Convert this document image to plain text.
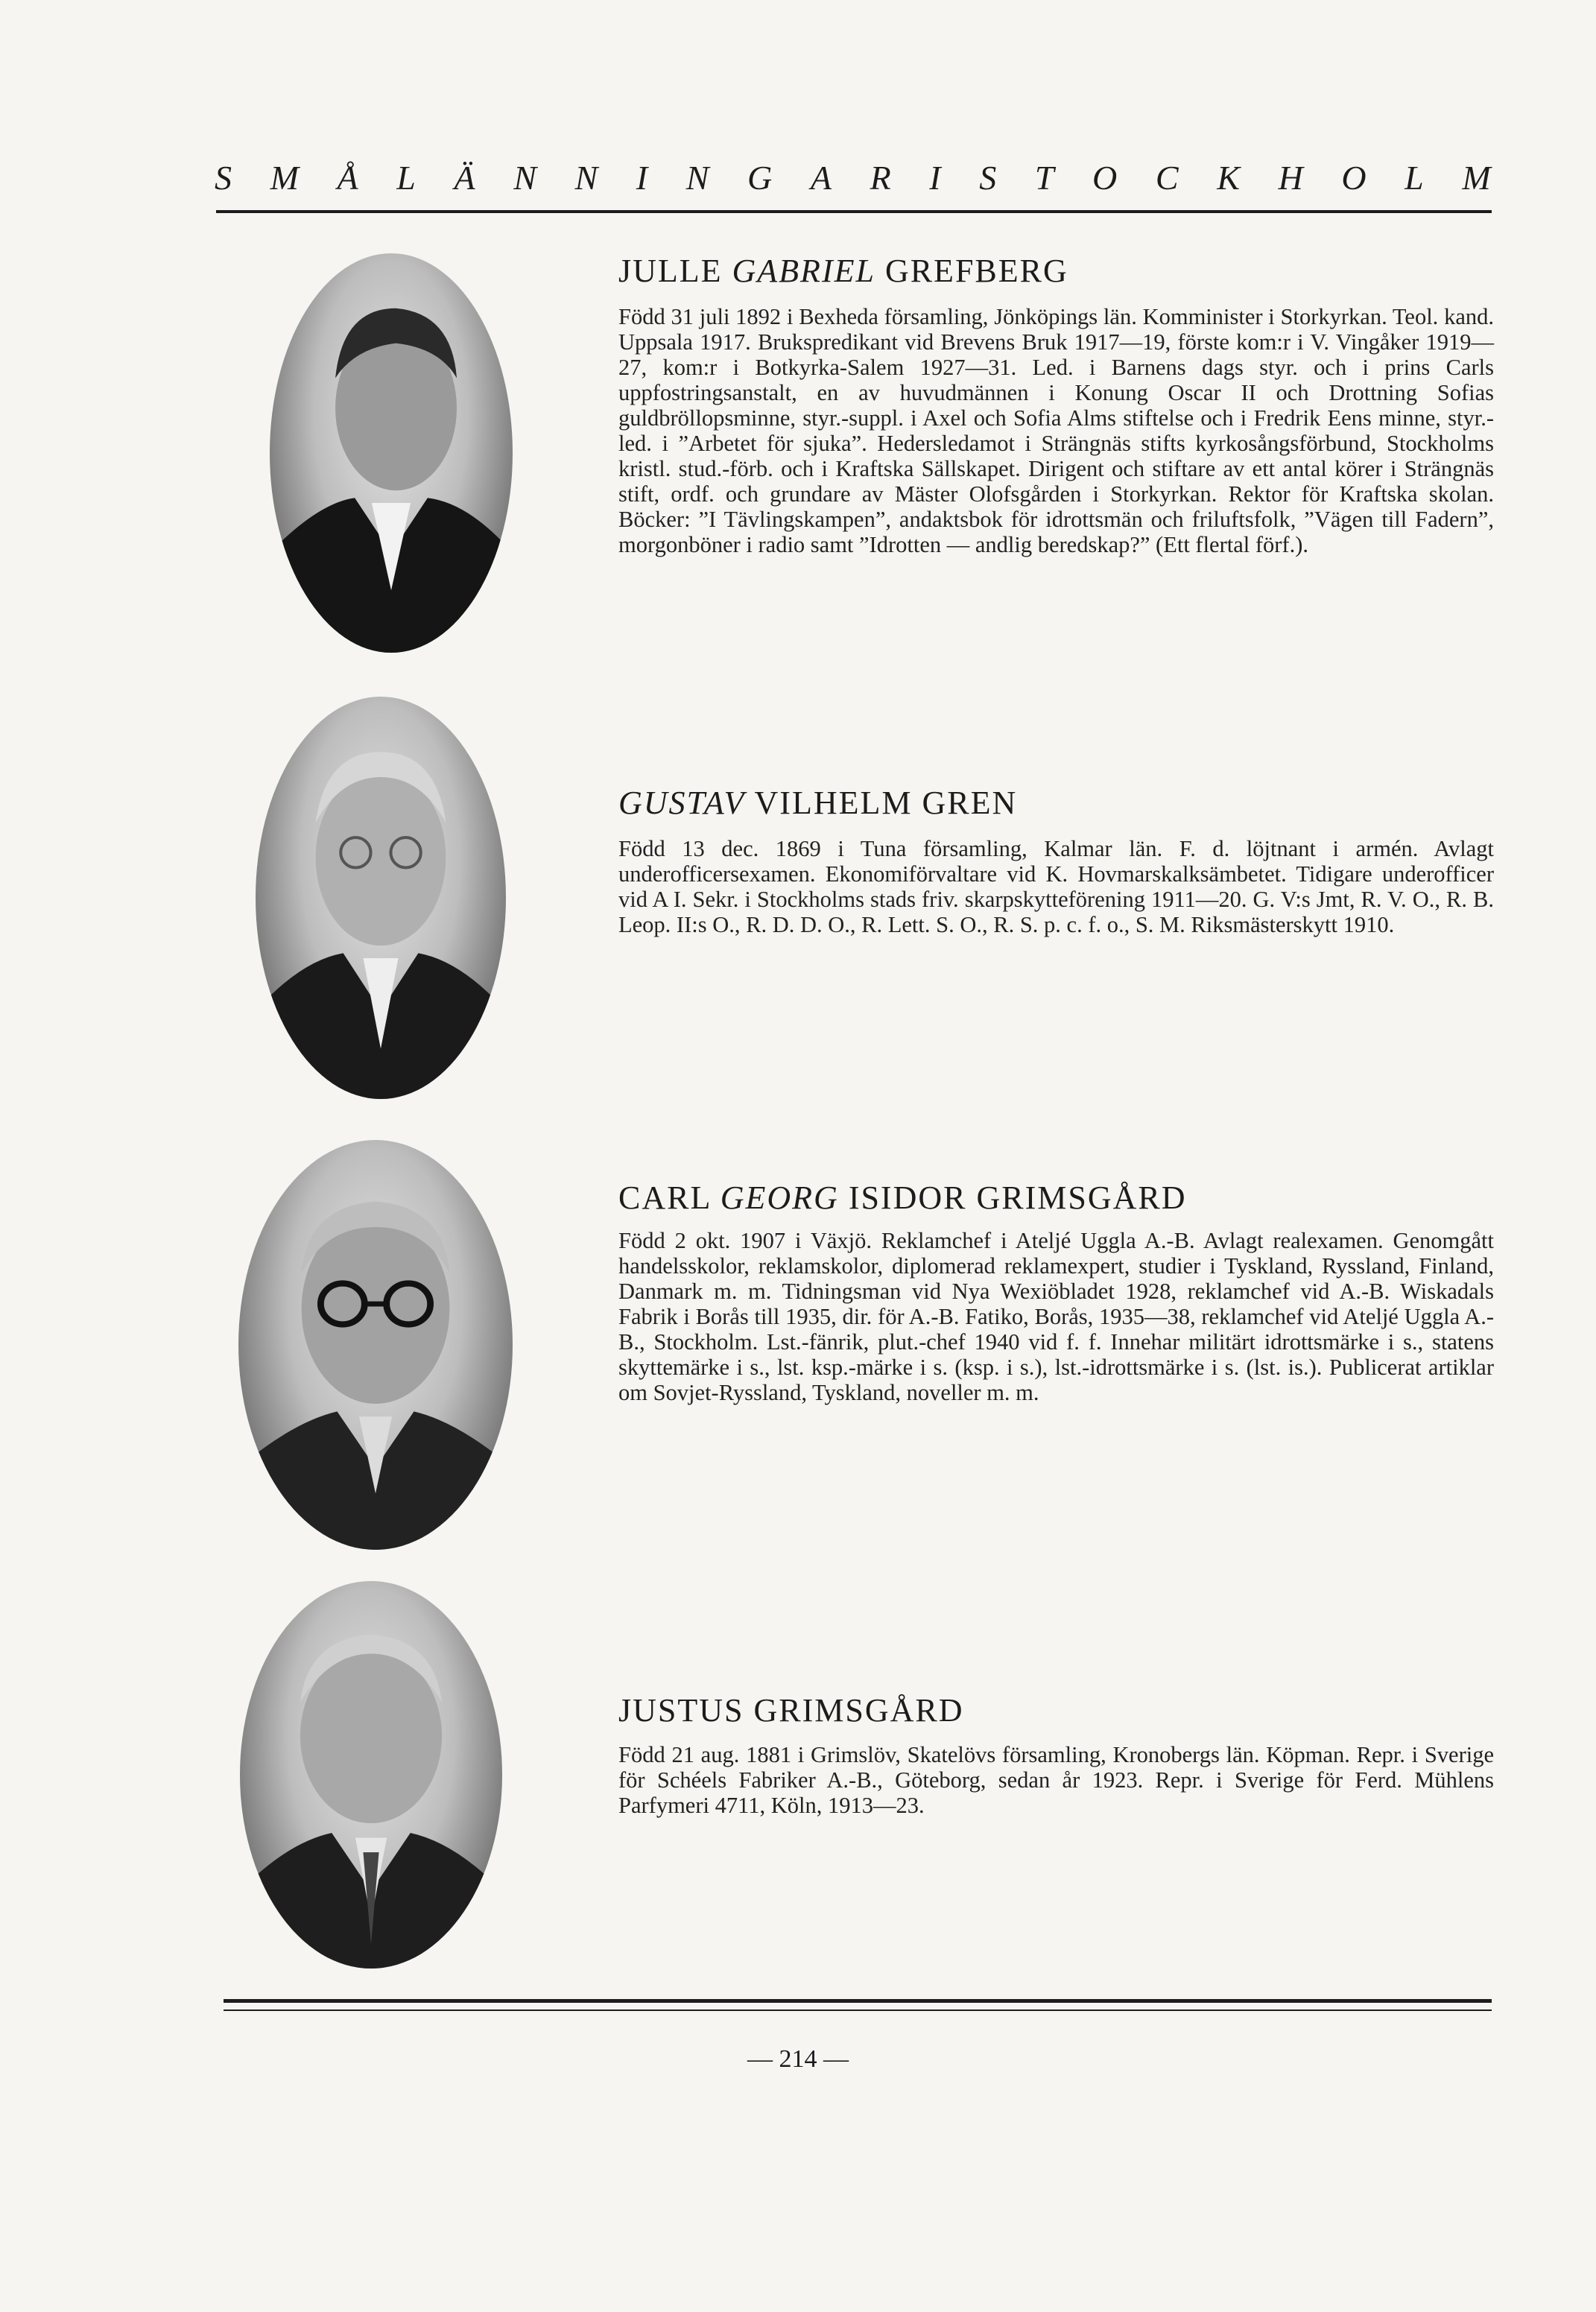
S M Å L Ä N N I N G A R I S T O C K H O L M
JULLE GABRIEL GREFBERG

Född 31 juli 1892 i Bexheda församling, Jönköpings län. Komminister i Storkyrkan. Teol. kand. Uppsala 1917. Brukspredikant vid Brevens Bruk 1917—19, förste kom:r i V. Vingåker 1919—27, kom:r i Botkyrka-Salem 1927—31. Led. i Barnens dags styr. och i prins Carls uppfostringsanstalt, en av huvudmännen i Konung Oscar II och Drottning Sofias guldbröllopsminne, styr.-suppl. i Axel och Sofia Alms stiftelse och i Fredrik Eens minne, styr.-led. i ”Arbetet för sjuka”. Hedersledamot i Strängnäs stifts kyrkosångsförbund, Stockholms kristl. stud.-förb. och i Kraftska Sällskapet. Dirigent och stiftare av ett antal körer i Strängnäs stift, ordf. och grundare av Mäster Olofsgården i Storkyrkan. Rektor för Kraftska skolan. Böcker: ”I Tävlingskampen”, andaktsbok för idrottsmän och friluftsfolk, ”Vägen till Fadern”, morgonböner i radio samt ”Idrotten — andlig beredskap?” (Ett flertal förf.).

GUSTAV VILHELM GREN

Född 13 dec. 1869 i Tuna församling, Kalmar län. F. d. löjtnant i armén. Avlagt underofficersexamen. Ekonomiförvaltare vid K. Hovmarskalksämbetet. Tidigare underofficer vid A I. Sekr. i Stockholms stads friv. skarpskytteförening 1911—20. G. V:s Jmt, R. V. O., R. B. Leop. II:s O., R. D. D. O., R. Lett. S. O., R. S. p. c. f. o., S. M. Riksmästerskytt 1910.

CARL GEORG ISIDOR GRIMSGÅRD

Född 2 okt. 1907 i Växjö. Reklamchef i Ateljé Uggla A.-B. Avlagt realexamen. Genomgått handelsskolor, reklamskolor, diplomerad reklamexpert, studier i Tyskland, Ryssland, Finland, Danmark m. m. Tidningsman vid Nya Wexiöbladet 1928, reklamchef vid A.-B. Wiskadals Fabrik i Borås till 1935, dir. för A.-B. Fatiko, Borås, 1935—38, reklamchef vid Ateljé Uggla A.-B., Stockholm. Lst.-fänrik, plut.-chef 1940 vid f. f. Innehar militärt idrottsmärke i s., statens skyttemärke i s., lst. ksp.-märke i s. (ksp. i s.), lst.-idrottsmärke i s. (lst. is.). Publicerat artiklar om Sovjet-Ryssland, Tyskland, noveller m. m.

JUSTUS GRIMSGÅRD

Född 21 aug. 1881 i Grimslöv, Skatelövs församling, Kronobergs län. Köpman. Repr. i Sverige för Schéels Fabriker A.-B., Göteborg, sedan år 1923. Repr. i Sverige för Ferd. Mühlens Parfymeri 4711, Köln, 1913—23.

— 214 —
